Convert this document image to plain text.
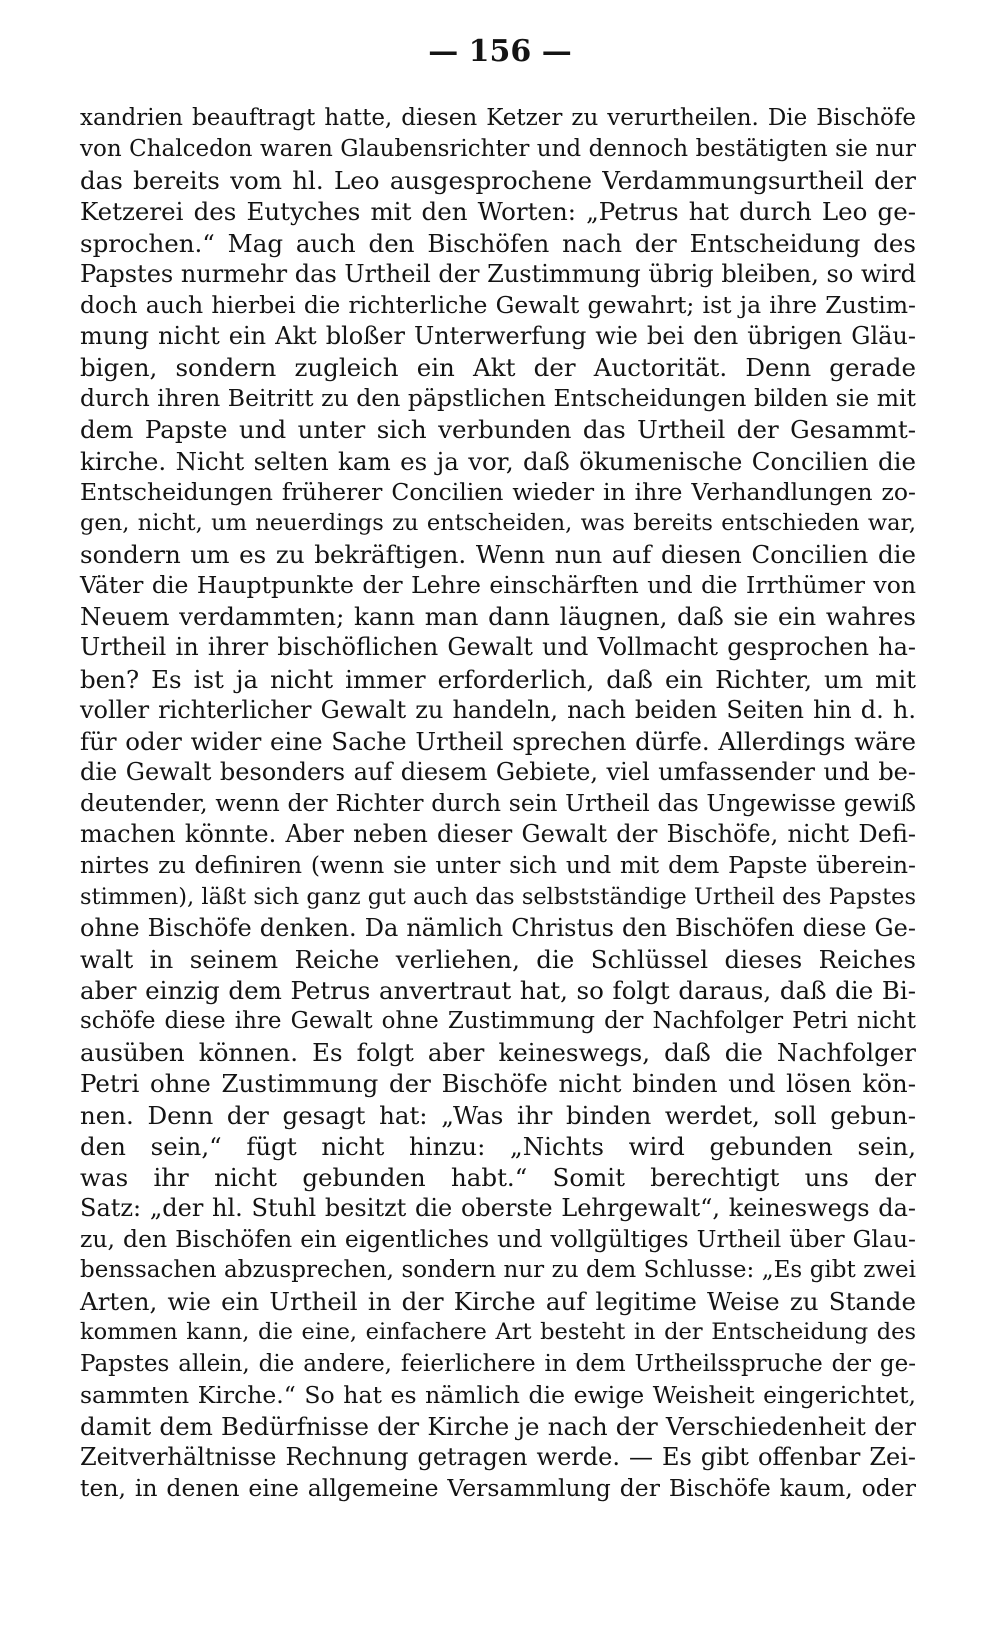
— 156 —
xandrien beauftragt hatte, diesen Ketzer zu verurtheilen. Die Bischöfe
von Chalcedon waren Glaubensrichter und dennoch bestätigten sie nur
das bereits vom hl. Leo ausgesprochene Verdammungsurtheil der
Ketzerei des Eutyches mit den Worten: „Petrus hat durch Leo ge-
sprochen.“ Mag auch den Bischöfen nach der Entscheidung des
Papstes nurmehr das Urtheil der Zustimmung übrig bleiben, so wird
doch auch hierbei die richterliche Gewalt gewahrt; ist ja ihre Zustim-
mung nicht ein Akt bloßer Unterwerfung wie bei den übrigen Gläu-
bigen, sondern zugleich ein Akt der Auctorität. Denn gerade
durch ihren Beitritt zu den päpstlichen Entscheidungen bilden sie mit
dem Papste und unter sich verbunden das Urtheil der Gesammt-
kirche. Nicht selten kam es ja vor, daß ökumenische Concilien die
Entscheidungen früherer Concilien wieder in ihre Verhandlungen zo-
gen, nicht, um neuerdings zu entscheiden, was bereits entschieden war,
sondern um es zu bekräftigen. Wenn nun auf diesen Concilien die
Väter die Hauptpunkte der Lehre einschärften und die Irrthümer von
Neuem verdammten; kann man dann läugnen, daß sie ein wahres
Urtheil in ihrer bischöflichen Gewalt und Vollmacht gesprochen ha-
ben? Es ist ja nicht immer erforderlich, daß ein Richter, um mit
voller richterlicher Gewalt zu handeln, nach beiden Seiten hin d. h.
für oder wider eine Sache Urtheil sprechen dürfe. Allerdings wäre
die Gewalt besonders auf diesem Gebiete, viel umfassender und be-
deutender, wenn der Richter durch sein Urtheil das Ungewisse gewiß
machen könnte. Aber neben dieser Gewalt der Bischöfe, nicht Defi-
nirtes zu definiren (wenn sie unter sich und mit dem Papste überein-
stimmen), läßt sich ganz gut auch das selbstständige Urtheil des Papstes
ohne Bischöfe denken. Da nämlich Christus den Bischöfen diese Ge-
walt in seinem Reiche verliehen, die Schlüssel dieses Reiches
aber einzig dem Petrus anvertraut hat, so folgt daraus, daß die Bi-
schöfe diese ihre Gewalt ohne Zustimmung der Nachfolger Petri nicht
ausüben können. Es folgt aber keineswegs, daß die Nachfolger
Petri ohne Zustimmung der Bischöfe nicht binden und lösen kön-
nen. Denn der gesagt hat: „Was ihr binden werdet, soll gebun-
den sein,“ fügt nicht hinzu: „Nichts wird gebunden sein,
was ihr nicht gebunden habt.“ Somit berechtigt uns der
Satz: „der hl. Stuhl besitzt die oberste Lehrgewalt“, keineswegs da-
zu, den Bischöfen ein eigentliches und vollgültiges Urtheil über Glau-
benssachen abzusprechen, sondern nur zu dem Schlusse: „Es gibt zwei
Arten, wie ein Urtheil in der Kirche auf legitime Weise zu Stande
kommen kann, die eine, einfachere Art besteht in der Entscheidung des
Papstes allein, die andere, feierlichere in dem Urtheilsspruche der ge-
sammten Kirche.“ So hat es nämlich die ewige Weisheit eingerichtet,
damit dem Bedürfnisse der Kirche je nach der Verschiedenheit der
Zeitverhältnisse Rechnung getragen werde. — Es gibt offenbar Zei-
ten, in denen eine allgemeine Versammlung der Bischöfe kaum, oder
